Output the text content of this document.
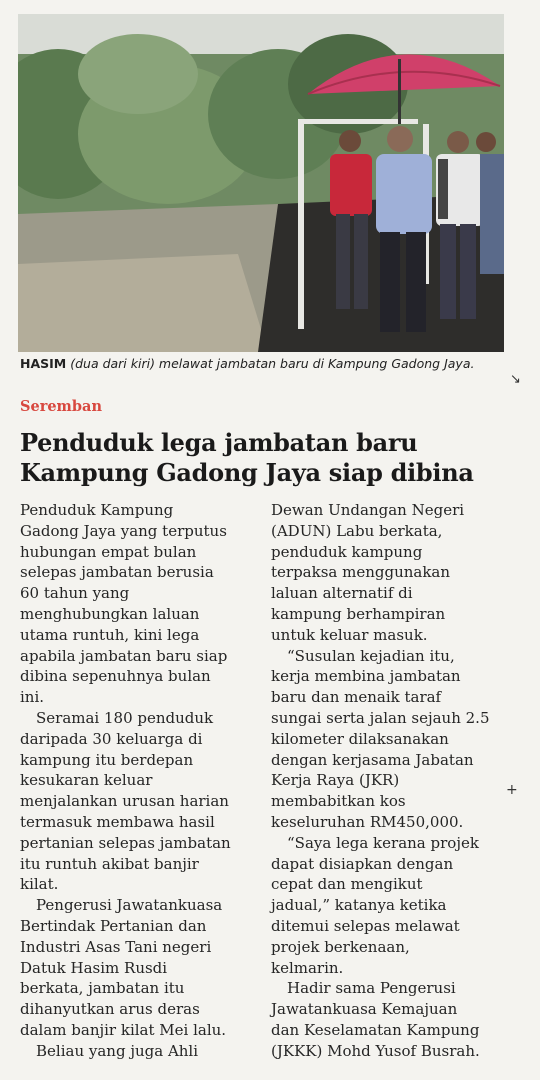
HASIM (dua dari kiri) melawat jambatan baru di Kampung Gadong Jaya.
Seremban
Penduduk lega jambatan baru
Kampung Gadong Jaya siap dibina

Penduduk Kampung
Gadong Jaya yang terputus
hubungan empat bulan
selepas jambatan berusia
60 tahun yang
menghubungkan laluan
utama runtuh, kini lega
apabila jambatan baru siap
dibina sepenuhnya bulan
ini.

Seramai 180 penduduk
daripada 30 keluarga di
kampung itu berdepan
kesukaran keluar
menjalankan urusan harian
termasuk membawa hasil
pertanian selepas jambatan
itu runtuh akibat banjir
kilat.

Pengerusi Jawatankuasa
Bertindak Pertanian dan
Industri Asas Tani negeri
Datuk Hasim Rusdi
berkata, jambatan itu
dihanyutkan arus deras
dalam banjir kilat Mei lalu.

Beliau yang juga Ahli

Dewan Undangan Negeri
(ADUN) Labu berkata,
penduduk kampung
terpaksa menggunakan
laluan alternatif di
kampung berhampiran
untuk keluar masuk.

“Susulan kejadian itu,
kerja membina jambatan
baru dan menaik taraf
sungai serta jalan sejauh 2.5
kilometer dilaksanakan
dengan kerjasama Jabatan
Kerja Raya (JKR)
membabitkan kos
keseluruhan RM450,000.

“Saya lega kerana projek
dapat disiapkan dengan
cepat dan mengikut
jadual,” katanya ketika
ditemui selepas melawat
projek berkenaan,
kelmarin.

Hadir sama Pengerusi
Jawatankuasa Kemajuan
dan Keselamatan Kampung
(JKKK) Mohd Yusof Busrah.

↘
+
